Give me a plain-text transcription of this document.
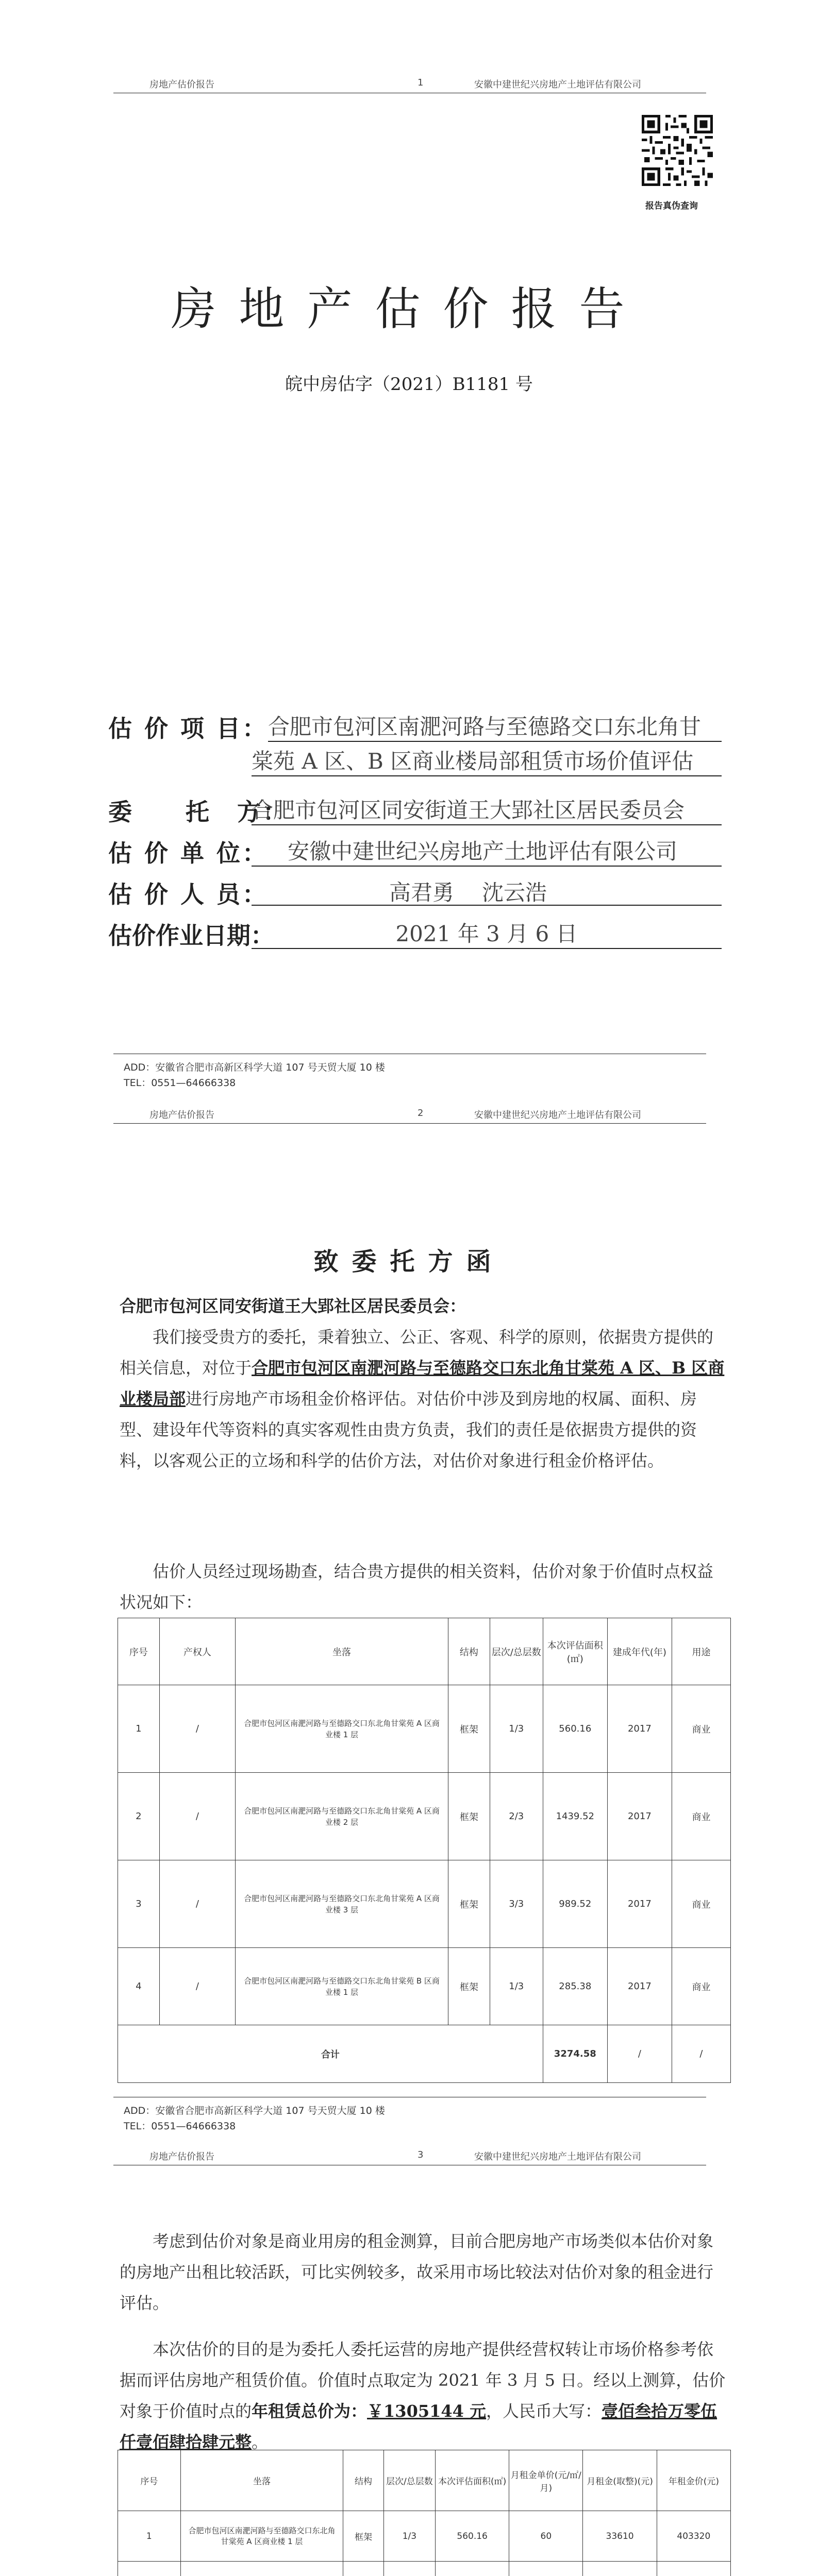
房地产估价报告	1	安徽中建世纪兴房地产土地评估有限公司
报告真伪查询
房地产估价报告
皖中房估字（2021）B1181 号
估 价 项 目： 合肥市包河区南淝河路与至德路交口东北角甘
棠苑 A 区、B 区商业楼局部租赁市场价值评估
委　　托　方：
合肥市包河区同安街道王大郢社区居民委员会
估 价 单 位： 安徽中建世纪兴房地产土地评估有限公司
估 价 人 员：	高君勇 沈云浩
估价作业日期：	2021 年 3 月 6 日
ADD：安徽省合肥市高新区科学大道 107 号天贸大厦 10 楼
TEL：0551—64666338
房地产估价报告	2	安徽中建世纪兴房地产土地评估有限公司
致委托方函
合肥市包河区同安街道王大郢社区居民委员会：
我们接受贵方的委托，秉着独立、公正、客观、科学的原则，依据贵方提供的相关信息，对位于合肥市包河区南淝河路与至德路交口东北角甘棠苑 A 区、B 区商业楼局部进行房地产市场租金价格评估。对估价中涉及到房地的权属、面积、房型、建设年代等资料的真实客观性由贵方负责，我们的责任是依据贵方提供的资料，以客观公正的立场和科学的估价方法，对估价对象进行租金价格评估。
估价人员经过现场勘查，结合贵方提供的相关资料，估价对象于价值时点权益状况如下：
序号	产权人	坐落	结构	层次/总层数	本次评估面积(㎡)	建成年代(年)	用途
1	/	合肥市包河区南淝河路与至德路交口东北角甘棠苑 A 区商业楼 1 层	框架	1/3	560.16	2017	商业
2	/	合肥市包河区南淝河路与至德路交口东北角甘棠苑 A 区商业楼 2 层	框架	2/3	1439.52	2017	商业
3	/	合肥市包河区南淝河路与至德路交口东北角甘棠苑 A 区商业楼 3 层	框架	3/3	989.52	2017	商业
4	/	合肥市包河区南淝河路与至德路交口东北角甘棠苑 B 区商业楼 1 层	框架	1/3	285.38	2017	商业
合计					3274.58	/	/
ADD：安徽省合肥市高新区科学大道 107 号天贸大厦 10 楼
TEL：0551—64666338
房地产估价报告	3	安徽中建世纪兴房地产土地评估有限公司
考虑到估价对象是商业用房的租金测算，目前合肥房地产市场类似本估价对象的房地产出租比较活跃，可比实例较多，故采用市场比较法对估价对象的租金进行评估。
本次估价的目的是为委托人委托运营的房地产提供经营权转让市场价格参考依据而评估房地产租赁价值。价值时点取定为 2021 年 3 月 5 日。经以上测算，估价对象于价值时点的年租赁总价为：￥1305144 元，人民币大写：壹佰叁拾万零伍仟壹佰肆拾肆元整。
序号	坐落	结构	层次/总层数	本次评估面积(㎡)	月租金单价(元/㎡/月)	月租金(取整)(元)	年租金价(元)
1	合肥市包河区南淝河路与至德路交口东北角甘棠苑 A 区商业楼 1 层	框架	1/3	560.16	60	33610	403320
